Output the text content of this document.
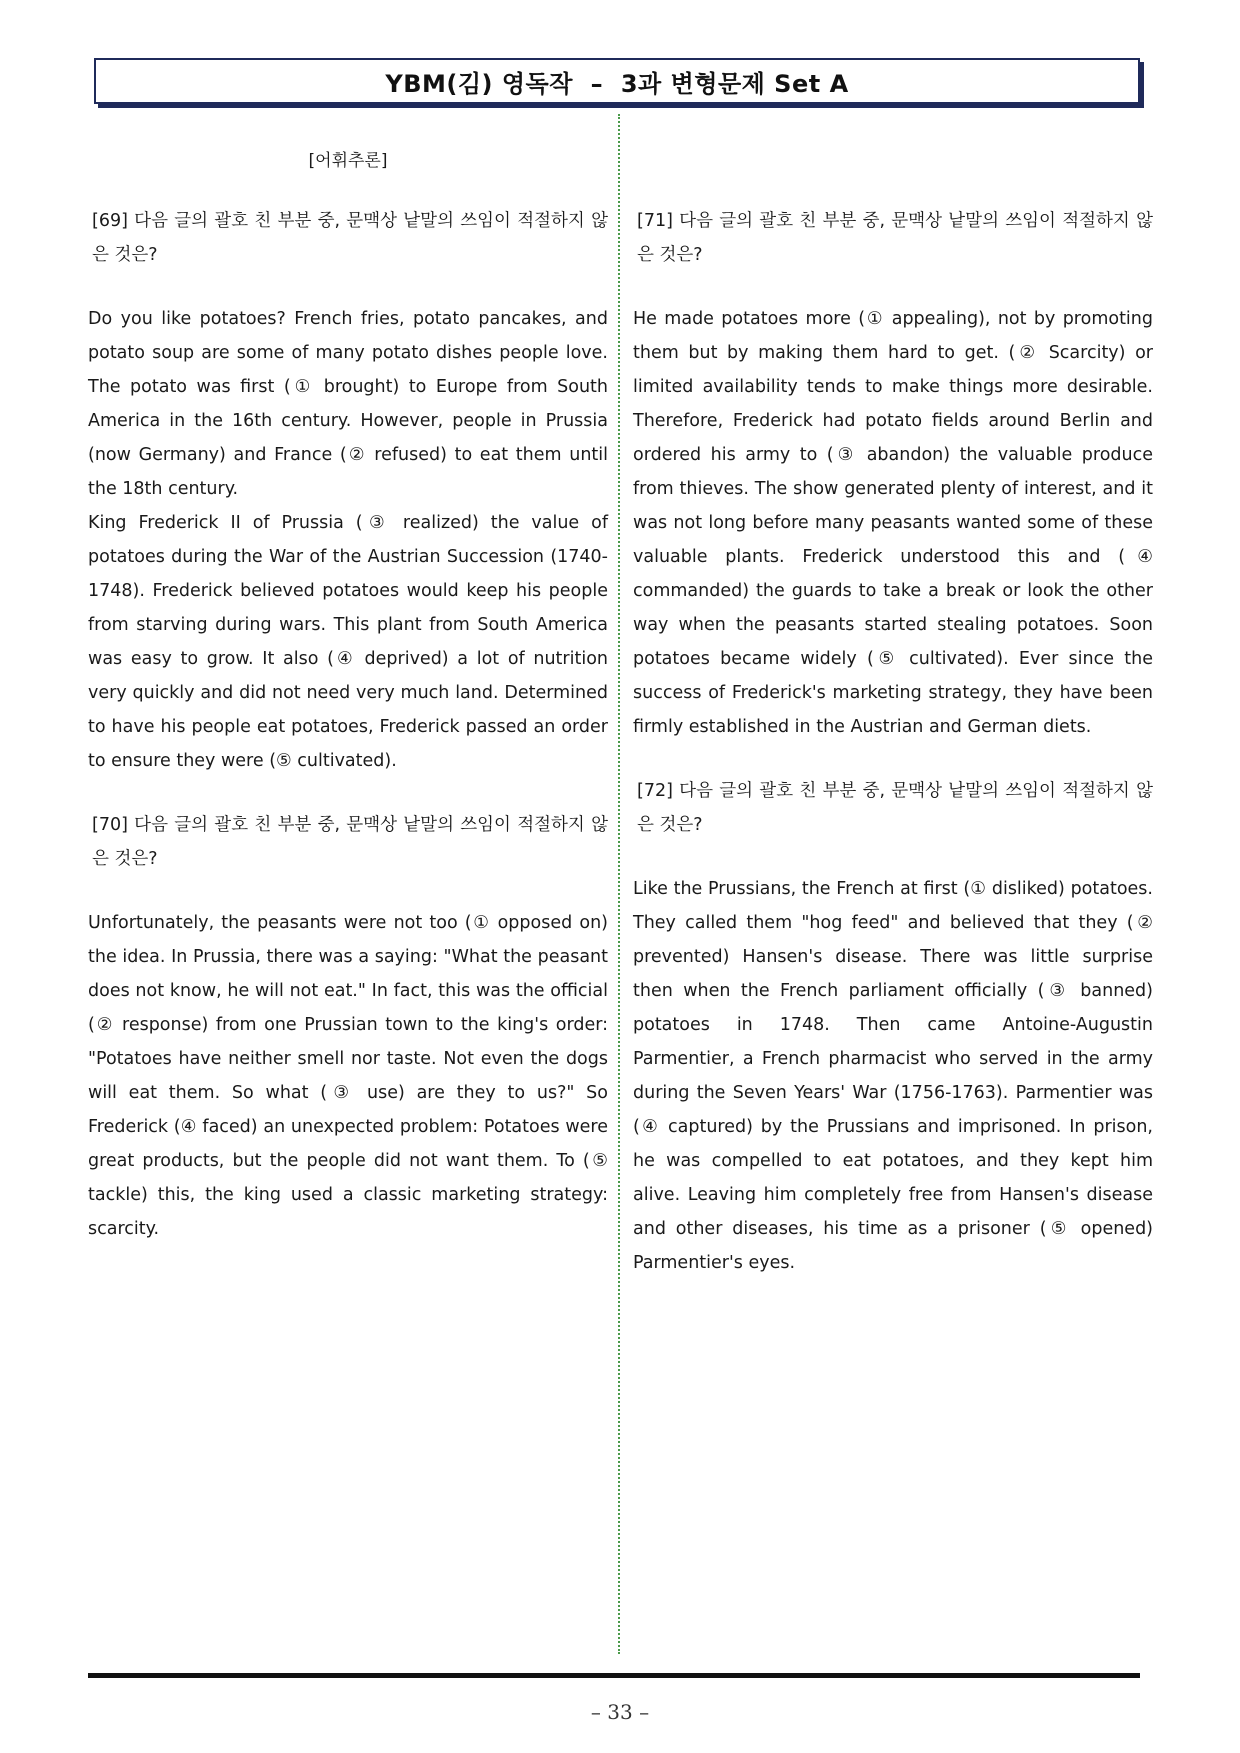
YBM(김) 영독작  –  3과 변형문제 Set A
[어휘추론]
[69] 다음 글의 괄호 친 부분 중, 문맥상 낱말의 쓰임이 적절하지 않은 것은?

Do you like potatoes? French fries, potato pancakes, and potato soup are some of many potato dishes people love. The potato was first (① brought) to Europe from South America in the 16th century. However, people in Prussia (now Germany) and France (② refused) to eat them until the 18th century.

King Frederick II of Prussia (③ realized) the value of potatoes during the War of the Austrian Succession (1740-1748). Frederick believed potatoes would keep his people from starving during wars. This plant from South America was easy to grow. It also (④ deprived) a lot of nutrition very quickly and did not need very much land. Determined to have his people eat potatoes, Frederick passed an order to ensure they were (⑤ cultivated).

[70] 다음 글의 괄호 친 부분 중, 문맥상 낱말의 쓰임이 적절하지 않은 것은?

Unfortunately, the peasants were not too (① opposed on) the idea. In Prussia, there was a saying: "What the peasant does not know, he will not eat." In fact, this was the official (② response) from one Prussian town to the king's order: "Potatoes have neither smell nor taste. Not even the dogs will eat them. So what (③ use) are they to us?" So Frederick (④ faced) an unexpected problem: Potatoes were great products, but the people did not want them. To (⑤ tackle) this, the king used a classic marketing strategy: scarcity.

[71] 다음 글의 괄호 친 부분 중, 문맥상 낱말의 쓰임이 적절하지 않은 것은?

He made potatoes more (① appealing), not by promoting them but by making them hard to get. (② Scarcity) or limited availability tends to make things more desirable. Therefore, Frederick had potato fields around Berlin and ordered his army to (③ abandon) the valuable produce from thieves. The show generated plenty of interest, and it was not long before many peasants wanted some of these valuable plants. Frederick understood this and (④ commanded) the guards to take a break or look the other way when the peasants started stealing potatoes. Soon potatoes became widely (⑤ cultivated). Ever since the success of Frederick's marketing strategy, they have been firmly established in the Austrian and German diets.

[72] 다음 글의 괄호 친 부분 중, 문맥상 낱말의 쓰임이 적절하지 않은 것은?

Like the Prussians, the French at first (① disliked) potatoes. They called them "hog feed" and believed that they (② prevented) Hansen's disease. There was little surprise then when the French parliament officially (③ banned) potatoes in 1748. Then came Antoine-Augustin Parmentier, a French pharmacist who served in the army during the Seven Years' War (1756-1763). Parmentier was (④ captured) by the Prussians and imprisoned. In prison, he was compelled to eat potatoes, and they kept him alive. Leaving him completely free from Hansen's disease and other diseases, his time as a prisoner (⑤ opened) Parmentier's eyes.

– 33 –
